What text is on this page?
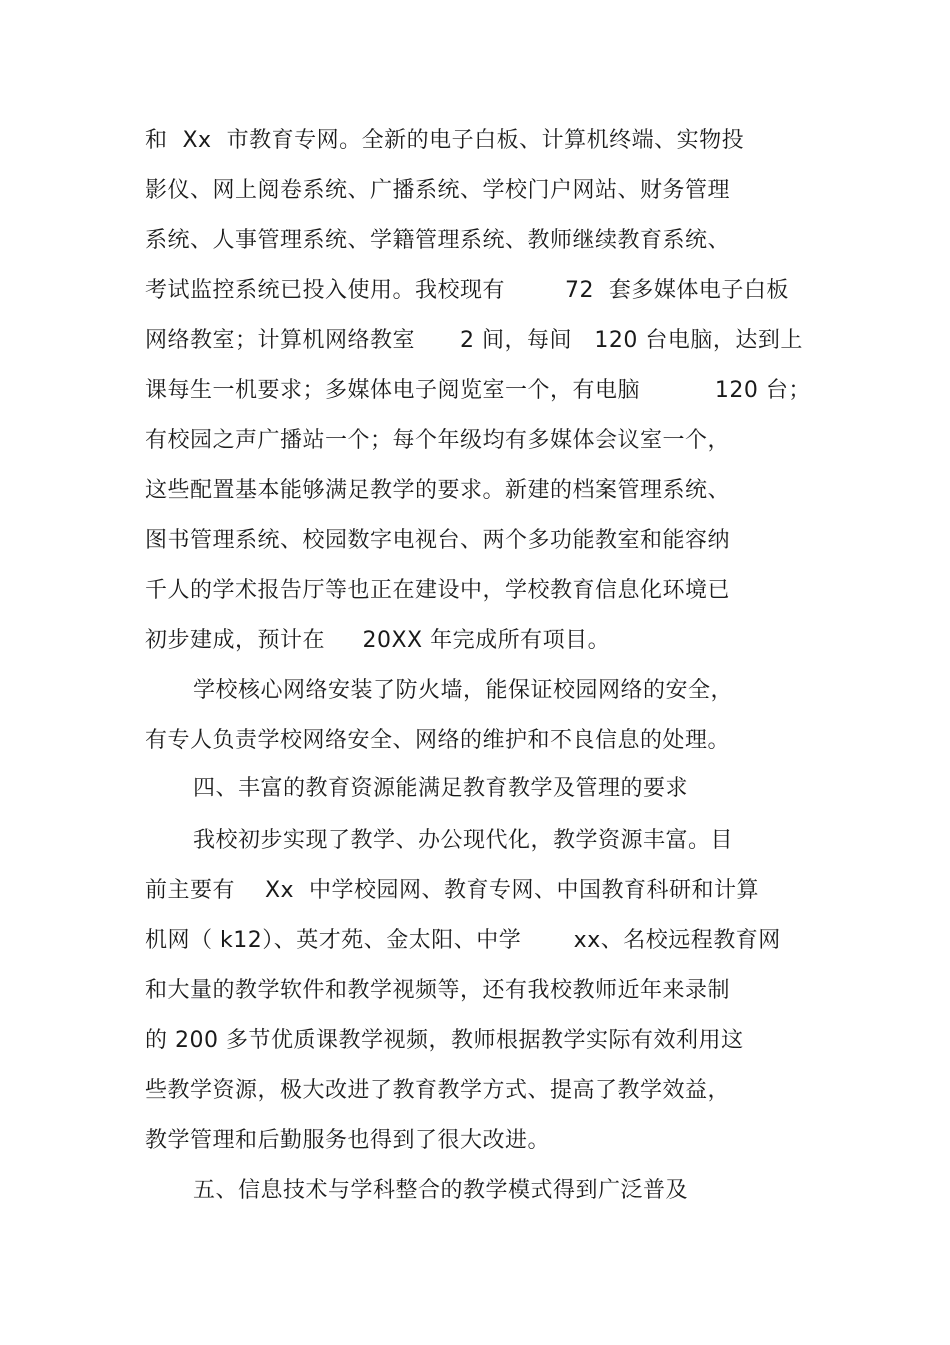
和  Xx  市教育专网。全新的电子白板、计算机终端、实物投
影仪、网上阅卷系统、广播系统、学校门户网站、财务管理
系统、人事管理系统、学籍管理系统、教师继续教育系统、
考试监控系统已投入使用。我校现有        72  套多媒体电子白板
网络教室；计算机网络教室      2 间，每间   120 台电脑，达到上
课每生一机要求；多媒体电子阅览室一个，有电脑          120 台；
有校园之声广播站一个；每个年级均有多媒体会议室一个，
这些配置基本能够满足教学的要求。新建的档案管理系统、
图书管理系统、校园数字电视台、两个多功能教室和能容纳
千人的学术报告厅等也正在建设中，学校教育信息化环境已
初步建成，预计在     20XX 年完成所有项目。
学校核心网络安装了防火墙，能保证校园网络的安全，
有专人负责学校网络安全、网络的维护和不良信息的处理。
四、丰富的教育资源能满足教育教学及管理的要求
我校初步实现了教学、办公现代化，教学资源丰富。目
前主要有    Xx  中学校园网、教育专网、中国教育科研和计算
机网（ k12）、英才苑、金太阳、中学       xx、名校远程教育网
和大量的教学软件和教学视频等，还有我校教师近年来录制
的 200 多节优质课教学视频，教师根据教学实际有效利用这
些教学资源，极大改进了教育教学方式、提高了教学效益，
教学管理和后勤服务也得到了很大改进。
五、信息技术与学科整合的教学模式得到广泛普及
